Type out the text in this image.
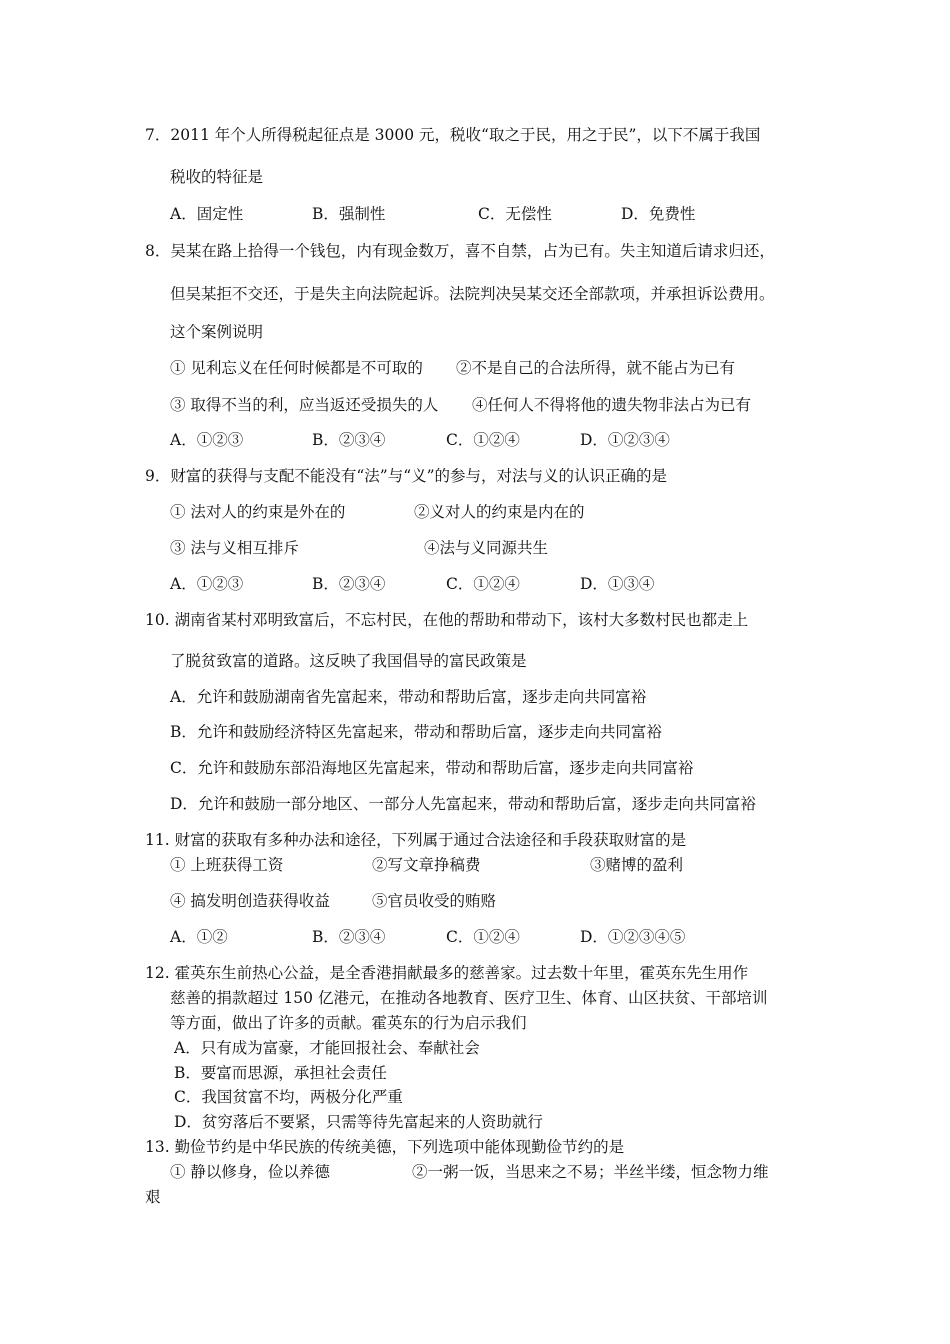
7．2011 年个人所得税起征点是 3000 元，税收“取之于民，用之于民”，以下不属于我国
税收的特征是
A．固定性	B．强制性	C．无偿性	D．免费性
8．吴某在路上拾得一个钱包，内有现金数万，喜不自禁，占为已有。失主知道后请求归还，
但吴某拒不交还，于是失主向法院起诉。法院判决吴某交还全部款项，并承担诉讼费用。
这个案例说明
① 见利忘义在任何时候都是不可取的 ②不是自己的合法所得，就不能占为已有
③ 取得不当的利，应当返还受损失的人 ④任何人不得将他的遗失物非法占为已有
A．①②③	B．②③④	C．①②④	D．①②③④
9．财富的获得与支配不能没有“法”与“义”的参与，对法与义的认识正确的是
① 法对人的约束是外在的	②义对人的约束是内在的
③ 法与义相互排斥	④法与义同源共生
A．①②③	B．②③④	C．①②④	D．①③④
10. 湖南省某村邓明致富后，不忘村民，在他的帮助和带动下，该村大多数村民也都走上
了脱贫致富的道路。这反映了我国倡导的富民政策是
A．允许和鼓励湖南省先富起来，带动和帮助后富，逐步走向共同富裕
B．允许和鼓励经济特区先富起来，带动和帮助后富，逐步走向共同富裕
C．允许和鼓励东部沿海地区先富起来，带动和帮助后富，逐步走向共同富裕
D．允许和鼓励一部分地区、一部分人先富起来，带动和帮助后富，逐步走向共同富裕
11. 财富的获取有多种办法和途径，下列属于通过合法途径和手段获取财富的是
① 上班获得工资	②写文章挣稿费	③赌博的盈利
④ 搞发明创造获得收益	⑤官员收受的贿赂
A．①②	B．②③④	C．①②④	D．①②③④⑤
12. 霍英东生前热心公益，是全香港捐献最多的慈善家。过去数十年里，霍英东先生用作
慈善的捐款超过 150 亿港元，在推动各地教育、医疗卫生、体育、山区扶贫、干部培训
等方面，做出了许多的贡献。霍英东的行为启示我们
A．只有成为富豪，才能回报社会、奉献社会
B．要富而思源，承担社会责任
C．我国贫富不均，两极分化严重
D．贫穷落后不要紧，只需等待先富起来的人资助就行
13. 勤俭节约是中华民族的传统美德，下列选项中能体现勤俭节约的是
① 静以修身，俭以养德	②一粥一饭，当思来之不易；半丝半缕，恒念物力维
艰
